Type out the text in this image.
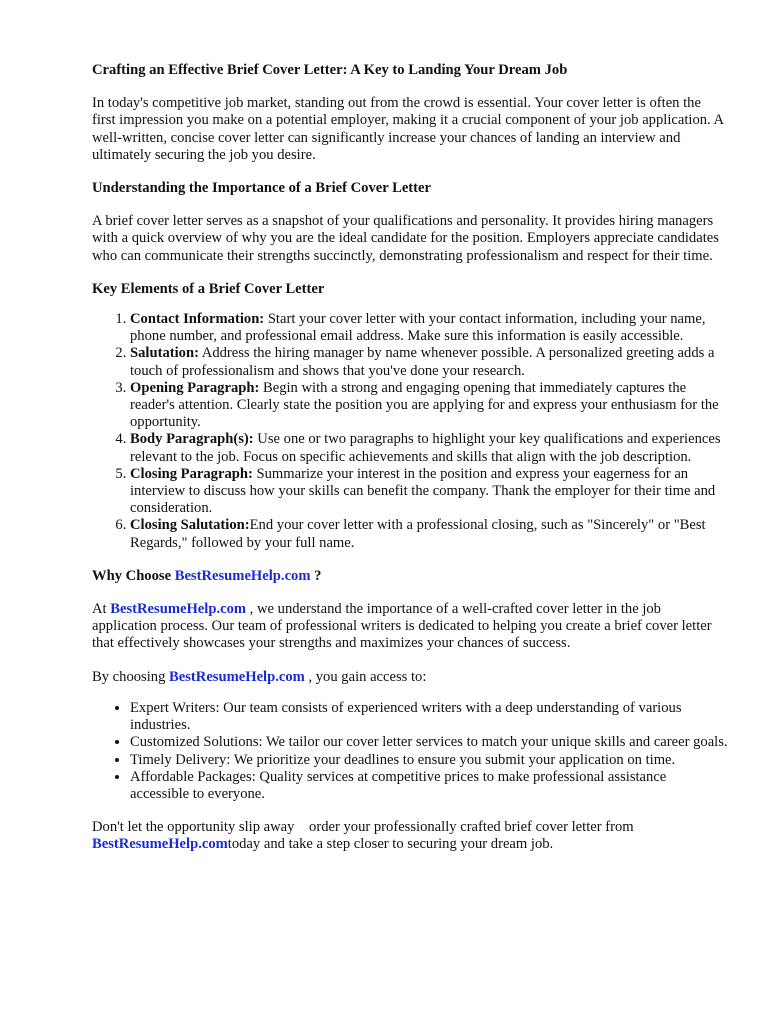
Crafting an Effective Brief Cover Letter: A Key to Landing Your Dream Job

In today's competitive job market, standing out from the crowd is essential. Your cover letter is often the first impression you make on a potential employer, making it a crucial component of your job application. A well-written, concise cover letter can significantly increase your chances of landing an interview and ultimately securing the job you desire.

Understanding the Importance of a Brief Cover Letter

A brief cover letter serves as a snapshot of your qualifications and personality. It provides hiring managers with a quick overview of why you are the ideal candidate for the position. Employers appreciate candidates who can communicate their strengths succinctly, demonstrating professionalism and respect for their time.

Key Elements of a Brief Cover Letter
1. Contact Information: Start your cover letter with your contact information, including your name, phone number, and professional email address. Make sure this information is easily accessible.
2. Salutation: Address the hiring manager by name whenever possible. A personalized greeting adds a touch of professionalism and shows that you've done your research.
3. Opening Paragraph: Begin with a strong and engaging opening that immediately captures the reader's attention. Clearly state the position you are applying for and express your enthusiasm for the opportunity.
4. Body Paragraph(s): Use one or two paragraphs to highlight your key qualifications and experiences relevant to the job. Focus on specific achievements and skills that align with the job description.
5. Closing Paragraph: Summarize your interest in the position and express your eagerness for an interview to discuss how your skills can benefit the company. Thank the employer for their time and consideration.
6. Closing Salutation:End your cover letter with a professional closing, such as "Sincerely" or "Best Regards," followed by your full name.
Why Choose BestResumeHelp.com ?

At BestResumeHelp.com , we understand the importance of a well-crafted cover letter in the job application process. Our team of professional writers is dedicated to helping you create a brief cover letter that effectively showcases your strengths and maximizes your chances of success.

By choosing BestResumeHelp.com , you gain access to:

• Expert Writers: Our team consists of experienced writers with a deep understanding of various industries.
• Customized Solutions: We tailor our cover letter services to match your unique skills and career goals.
• Timely Delivery: We prioritize your deadlines to ensure you submit your application on time.
• Affordable Packages: Quality services at competitive prices to make professional assistance accessible to everyone.

Don't let the opportunity slip away    order your professionally crafted brief cover letter from BestResumeHelp.comtoday and take a step closer to securing your dream job.
